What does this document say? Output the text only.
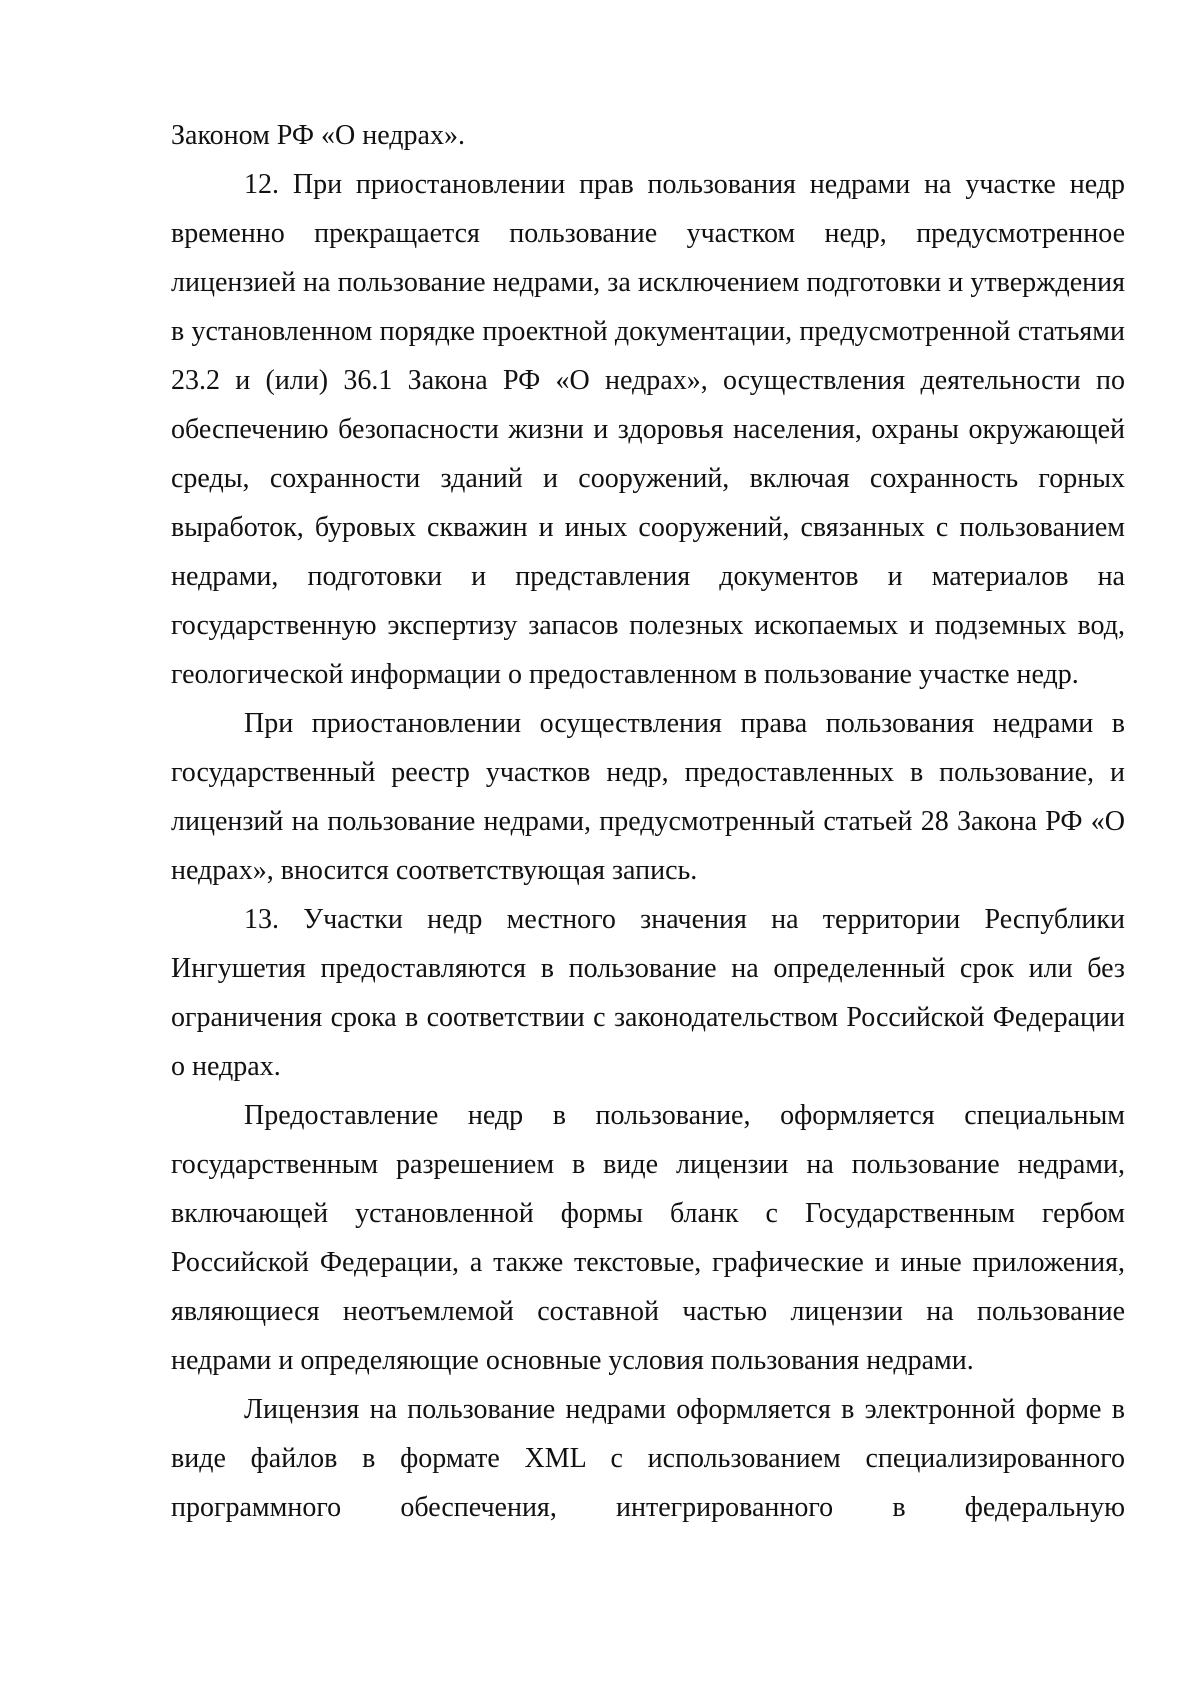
Законом РФ «О недрах».

12. При приостановлении прав пользования недрами на участке недр временно прекращается пользование участком недр, предусмотренное лицензией на пользование недрами, за исключением подготовки и утверждения в установленном порядке проектной документации, предусмотренной статьями 23.2 и (или) 36.1 Закона РФ «О недрах», осуществления деятельности по обеспечению безопасности жизни и здоровья населения, охраны окружающей среды, сохранности зданий и сооружений, включая сохранность горных выработок, буровых скважин и иных сооружений, связанных с пользованием недрами, подготовки и представления документов и материалов на государственную экспертизу запасов полезных ископаемых и подземных вод, геологической информации о предоставленном в пользование участке недр.

При приостановлении осуществления права пользования недрами в государственный реестр участков недр, предоставленных в пользование, и лицензий на пользование недрами, предусмотренный статьей 28 Закона РФ «О недрах», вносится соответствующая запись.

13. Участки недр местного значения на территории Республики Ингушетия предоставляются в пользование на определенный срок или без ограничения срока в соответствии с законодательством Российской Федерации о недрах.

Предоставление недр в пользование, оформляется специальным государственным разрешением в виде лицензии на пользование недрами, включающей установленной формы бланк с Государственным гербом Российской Федерации, а также текстовые, графические и иные приложения, являющиеся неотъемлемой составной частью лицензии на пользование недрами и определяющие основные условия пользования недрами.

Лицензия на пользование недрами оформляется в электронной форме в виде файлов в формате XML с использованием специализированного программного обеспечения, интегрированного в федеральную
